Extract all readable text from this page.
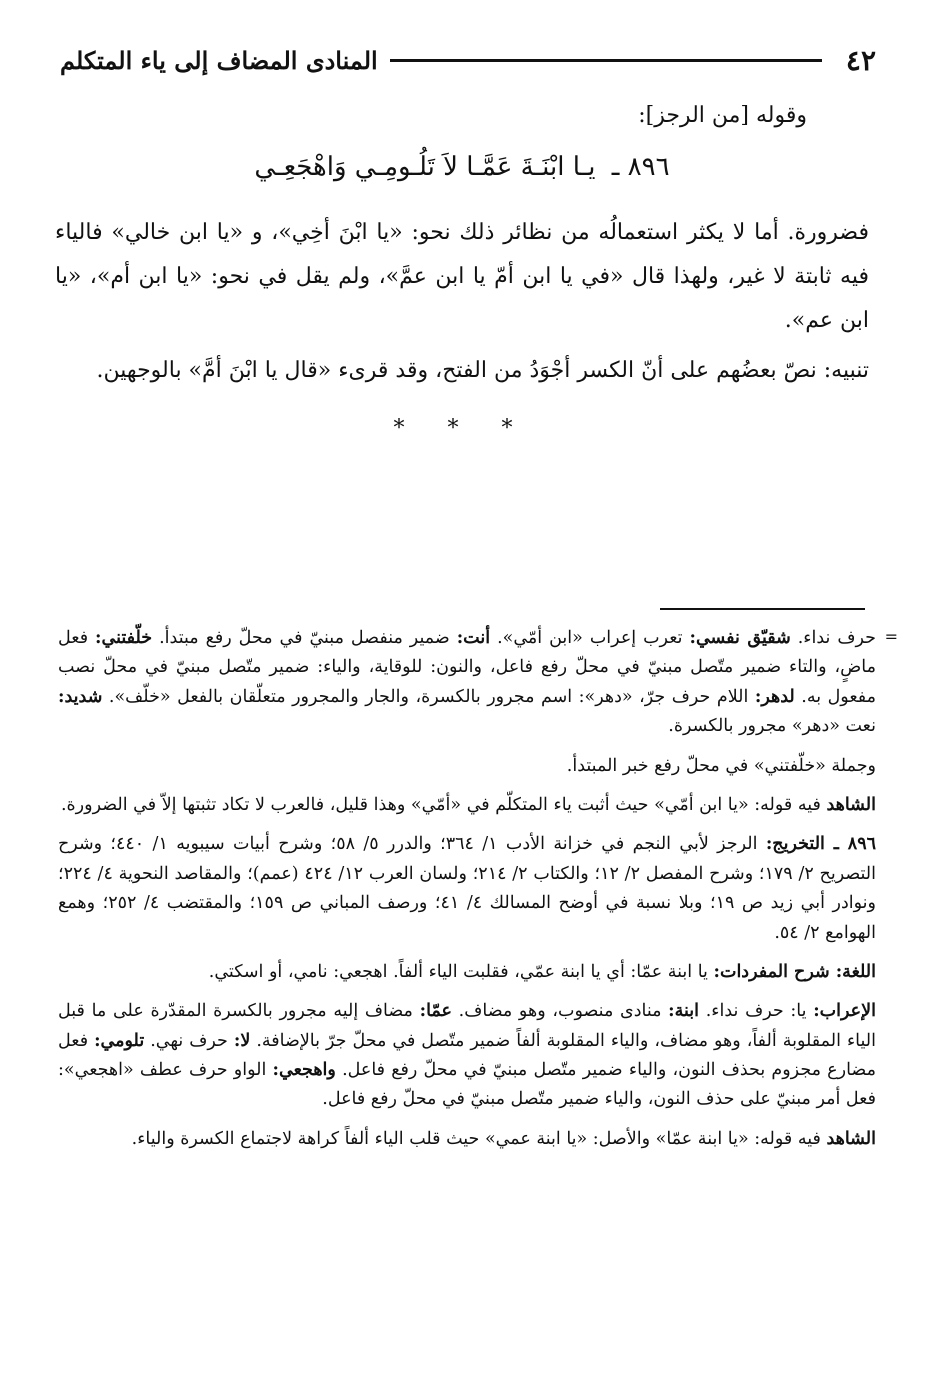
٤٢
المنادى المضاف إلى ياء المتكلم

وقوله [من الرجز]:

٨٩٦ ـ يـا ابْنَـةَ عَمَّـا لاَ تَلُـومِـي وَاهْجَعِـي

فضرورة. أما لا يكثر استعمالُه من نظائر ذلك نحو: «يا ابْنَ أخِي»، و «يا ابن خالي» فالياء فيه ثابتة لا غير، ولهذا قال «في يا ابن أمّ يا ابن عمَّ»، ولم يقل في نحو: «يا ابن أم»، «يا ابن عم».

تنبيه: نصّ بعضُهم على أنّ الكسر أجْوَدُ من الفتح، وقد قرىء «قال يا ابْنَ أمَّ» بالوجهين.

* * *

=
حرف نداء. شقيّق نفسي: تعرب إعراب «ابن أمّي». أنت: ضمير منفصل مبنيّ في محلّ رفع مبتدأ. خلّفتني: فعل ماضٍ، والتاء ضمير متّصل مبنيّ في محلّ رفع فاعل، والنون: للوقاية، والياء: ضمير متّصل مبنيّ في محلّ نصب مفعول به. لدهر: اللام حرف جرّ، «دهر»: اسم مجرور بالكسرة، والجار والمجرور متعلّقان بالفعل «خلّف». شديد: نعت «دهر» مجرور بالكسرة.

وجملة «خلّفتني» في محلّ رفع خبر المبتدأ.

الشاهد فيه قوله: «يا ابن أمّي» حيث أثبت ياء المتكلّم في «أمّي» وهذا قليل، فالعرب لا تكاد تثبتها إلاّ في الضرورة.

٨٩٦ ـ التخريج: الرجز لأبي النجم في خزانة الأدب ١/ ٣٦٤؛ والدرر ٥/ ٥٨؛ وشرح أبيات سيبويه ١/ ٤٤٠؛ وشرح التصريح ٢/ ١٧٩؛ وشرح المفصل ٢/ ١٢؛ والكتاب ٢/ ٢١٤؛ ولسان العرب ١٢/ ٤٢٤ (عمم)؛ والمقاصد النحوية ٤/ ٢٢٤؛ ونوادر أبي زيد ص ١٩؛ وبلا نسبة في أوضح المسالك ٤/ ٤١؛ ورصف المباني ص ١٥٩؛ والمقتضب ٤/ ٢٥٢؛ وهمع الهوامع ٢/ ٥٤.

اللغة: شرح المفردات: يا ابنة عمّا: أي يا ابنة عمّي، فقلبت الياء ألفاً. اهجعي: نامي، أو اسكتي.

الإعراب: يا: حرف نداء. ابنة: منادى منصوب، وهو مضاف. عمّا: مضاف إليه مجرور بالكسرة المقدّرة على ما قبل الياء المقلوبة ألفاً، وهو مضاف، والياء المقلوبة ألفاً ضمير متّصل في محلّ جرّ بالإضافة. لا: حرف نهي. تلومي: فعل مضارع مجزوم بحذف النون، والياء ضمير متّصل مبنيّ في محلّ رفع فاعل. واهجعي: الواو حرف عطف «اهجعي»: فعل أمر مبنيّ على حذف النون، والياء ضمير متّصل مبنيّ في محلّ رفع فاعل.

الشاهد فيه قوله: «يا ابنة عمّا» والأصل: «يا ابنة عمي» حيث قلب الياء ألفاً كراهة لاجتماع الكسرة والياء.
